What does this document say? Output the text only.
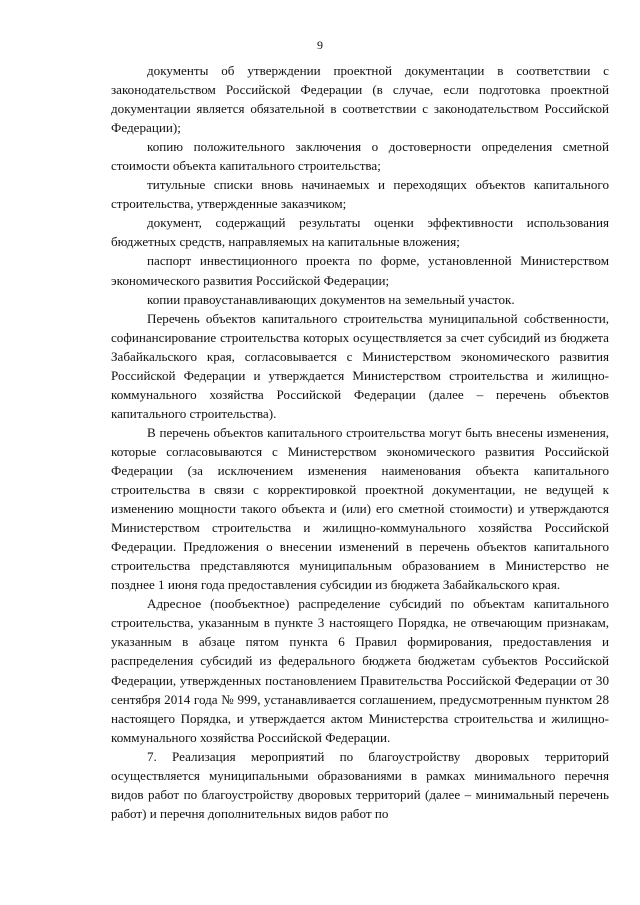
9

документы об утверждении проектной документации в соответствии с законодательством Российской Федерации (в случае, если подготовка проектной документации является обязательной в соответствии с законодательством Российской Федерации);

копию положительного заключения о достоверности определения сметной стоимости объекта капитального строительства;

титульные списки вновь начинаемых и переходящих объектов капитального строительства, утвержденные заказчиком;

документ, содержащий результаты оценки эффективности использования бюджетных средств, направляемых на капитальные вложения;

паспорт инвестиционного проекта по форме, установленной Министерством экономического развития Российской Федерации;

копии правоустанавливающих документов на земельный участок.

Перечень объектов капитального строительства муниципальной собственности, софинансирование строительства которых осуществляется за счет субсидий из бюджета Забайкальского края, согласовывается с Министерством экономического развития Российской Федерации и утверждается Министерством строительства и жилищно-коммунального хозяйства Российской Федерации (далее – перечень объектов капитального строительства).

В перечень объектов капитального строительства могут быть внесены изменения, которые согласовываются с Министерством экономического развития Российской Федерации (за исключением изменения наименования объекта капитального строительства в связи с корректировкой проектной документации, не ведущей к изменению мощности такого объекта и (или) его сметной стоимости) и утверждаются Министерством строительства и жилищно-коммунального хозяйства Российской Федерации. Предложения о внесении изменений в перечень объектов капитального строительства представляются муниципальным образованием в Министерство не позднее 1 июня года предоставления субсидии из бюджета Забайкальского края.

Адресное (пообъектное) распределение субсидий по объектам капитального строительства, указанным в пункте 3 настоящего Порядка, не отвечающим признакам, указанным в абзаце пятом пункта 6 Правил формирования, предоставления и распределения субсидий из федерального бюджета бюджетам субъектов Российской Федерации, утвержденных постановлением Правительства Российской Федерации от 30 сентября 2014 года № 999, устанавливается соглашением, предусмотренным пунктом 28 настоящего Порядка, и утверждается актом Министерства строительства и жилищно-коммунального хозяйства Российской Федерации.

7. Реализация мероприятий по благоустройству дворовых территорий осуществляется муниципальными образованиями в рамках минимального перечня видов работ по благоустройству дворовых территорий (далее – минимальный перечень работ) и перечня дополнительных видов работ по
